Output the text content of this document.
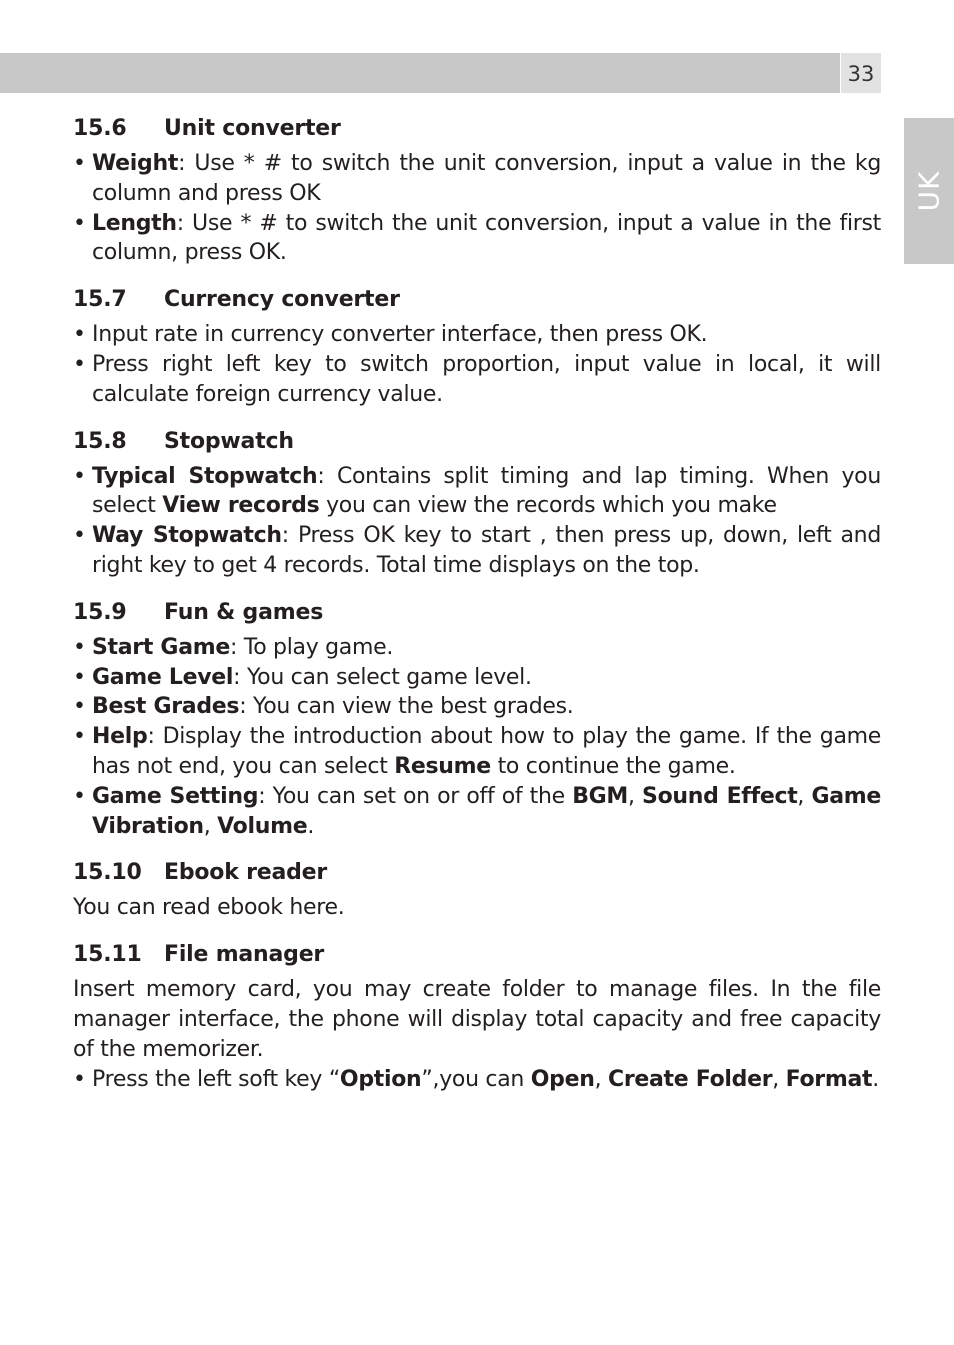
33
UK
15.6 Unit converter

• Weight: Use * # to switch the unit conversion, input a value in the kg column and press OK

• Length: Use * # to switch the unit conversion, input a value in the first column, press OK.

15.7 Currency converter

• Input rate in currency converter interface, then press OK.

• Press right left key to switch proportion, input value in local, it will calculate foreign currency value.

15.8 Stopwatch

• Typical Stopwatch: Contains split timing and lap timing. When you select View records you can view the records which you make

• Way Stopwatch: Press OK key to start , then press up, down, left and right key to get 4 records. Total time displays on the top.

15.9 Fun & games

• Start Game: To play game.

• Game Level: You can select game level.

• Best Grades: You can view the best grades.

• Help: Display the introduction about how to play the game. If the game has not end, you can select Resume to continue the game.

• Game Setting: You can set on or off of the BGM, Sound Effect, Game Vibration, Volume.

15.10 Ebook reader

You can read ebook here.

15.11 File manager

Insert memory card, you may create folder to manage files. In the file manager interface, the phone will display total capacity and free capacity of the memorizer.

• Press the left soft key “Option”,you can Open, Create Folder, Format.
